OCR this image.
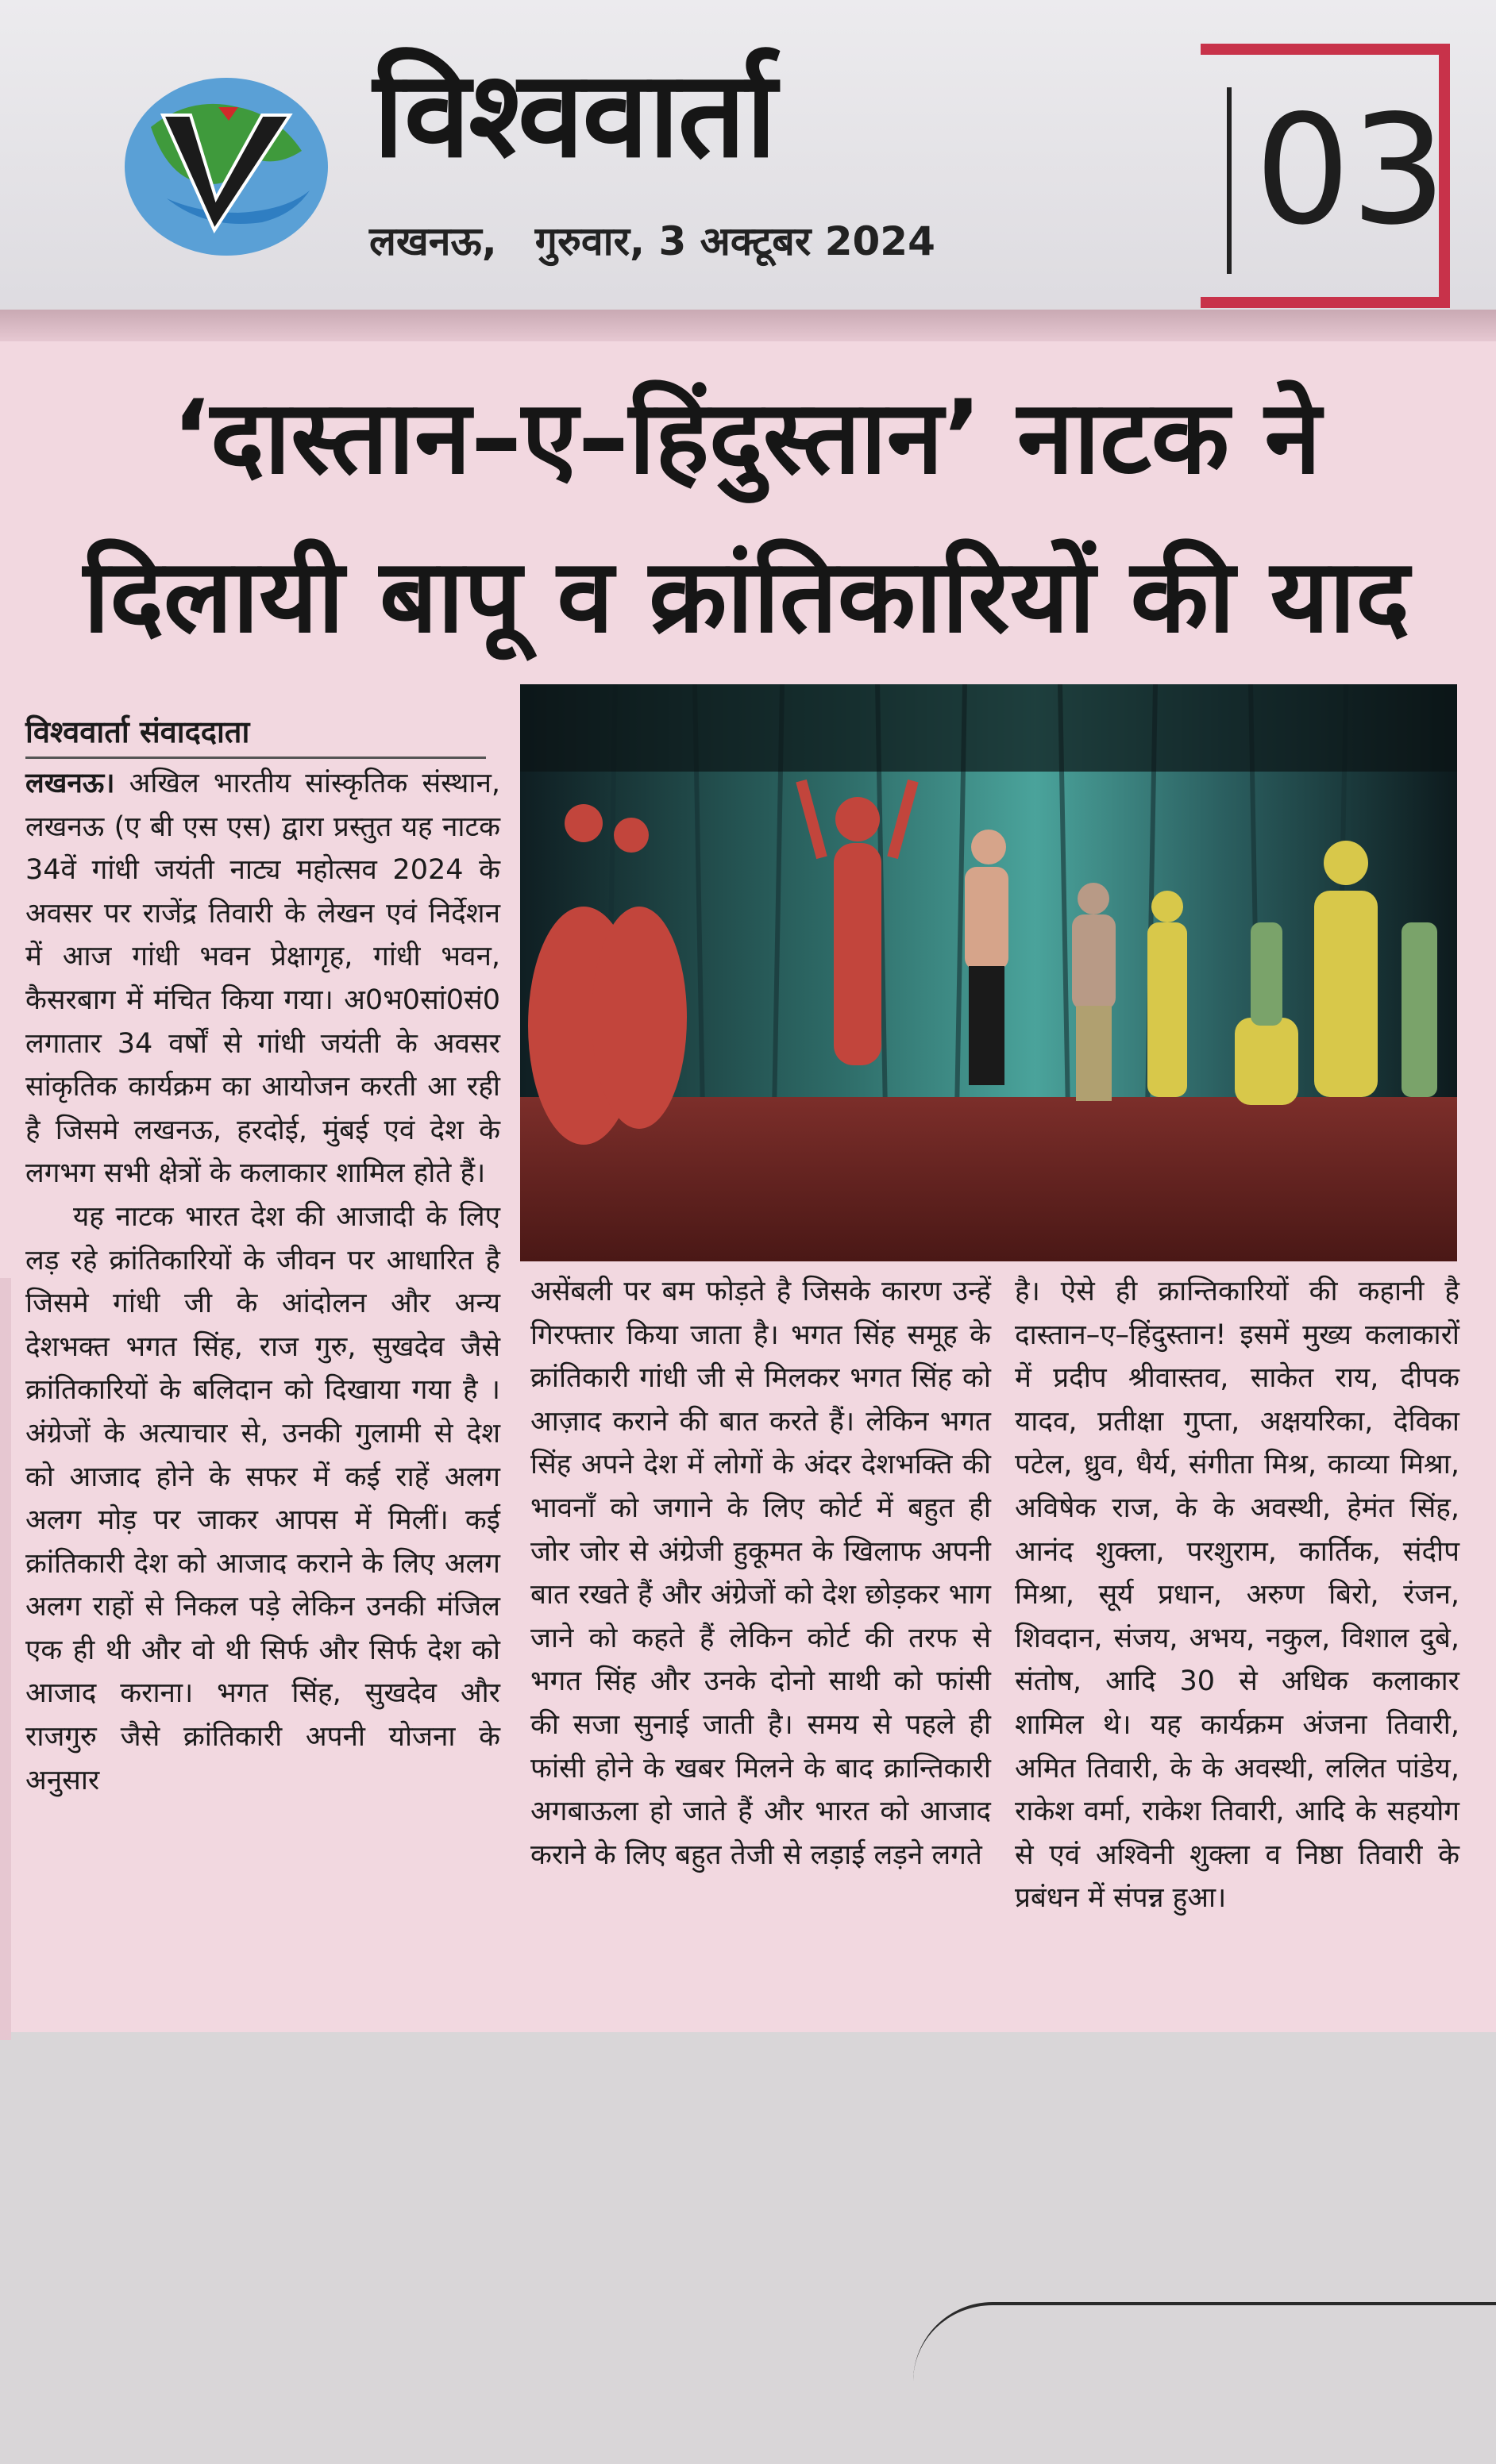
विश्ववार्ता
लखनऊ, गुरुवार, 3 अक्टूबर 2024 03
‘दास्तान–ए–हिंदुस्तान’ नाटक ने
दिलायी बापू व क्रांतिकारियों की याद
विश्ववार्ता संवाददाता

लखनऊ। अखिल भारतीय सांस्कृतिक संस्थान, लखनऊ (ए बी एस एस) द्वारा प्रस्तुत यह नाटक 34वें गांधी जयंती नाट्य महोत्सव 2024 के अवसर पर राजेंद्र तिवारी के लेखन एवं निर्देशन में आज गांधी भवन प्रेक्षागृह, गांधी भवन, कैसरबाग में मंचित किया गया। अ0भ0सां0सं0 लगातार 34 वर्षों से गांधी जयंती के अवसर सांकृतिक कार्यक्रम का आयोजन करती आ रही है जिसमे लखनऊ, हरदोई, मुंबई एवं देश के लगभग सभी क्षेत्रों के कलाकार शामिल होते हैं।

यह नाटक भारत देश की आजादी के लिए लड़ रहे क्रांतिकारियों के जीवन पर आधारित है जिसमे गांधी जी के आंदोलन और अन्य देशभक्त भगत सिंह, राज गुरु, सुखदेव जैसे क्रांतिकारियों के बलिदान को दिखाया गया है । अंग्रेजों के अत्याचार से, उनकी गुलामी से देश को आजाद होने के सफर में कई राहें अलग अलग मोड़ पर जाकर आपस में मिलीं। कई क्रांतिकारी देश को आजाद कराने के लिए अलग अलग राहों से निकल पड़े लेकिन उनकी मंजिल एक ही थी और वो थी सिर्फ और सिर्फ देश को आजाद कराना। भगत सिंह, सुखदेव और राजगुरु जैसे क्रांतिकारी अपनी योजना के अनुसार

असेंबली पर बम फोड़ते है जिसके कारण उन्हें गिरफ्तार किया जाता है। भगत सिंह समूह के क्रांतिकारी गांधी जी से मिलकर भगत सिंह को आज़ाद कराने की बात करते हैं। लेकिन भगत सिंह अपने देश में लोगों के अंदर देशभक्ति की भावनाँ को जगाने के लिए कोर्ट में बहुत ही जोर जोर से अंग्रेजी हुकूमत के खिलाफ अपनी बात रखते हैं और अंग्रेजों को देश छोड़कर भाग जाने को कहते हैं लेकिन कोर्ट की तरफ से भगत सिंह और उनके दोनो साथी को फांसी की सजा सुनाई जाती है। समय से पहले ही फांसी होने के खबर मिलने के बाद क्रान्तिकारी अगबाऊला हो जाते हैं और भारत को आजाद कराने के लिए बहुत तेजी से लड़ाई लड़ने लगते

है। ऐसे ही क्रान्तिकारियों की कहानी है दास्तान–ए–हिंदुस्तान! इसमें मुख्य कलाकारों में प्रदीप श्रीवास्तव, साकेत राय, दीपक यादव, प्रतीक्षा गुप्ता, अक्षयरिका, देविका पटेल, ध्रुव, धैर्य, संगीता मिश्र, काव्या मिश्रा, अविषेक राज, के के अवस्थी, हेमंत सिंह, आनंद शुक्ला, परशुराम, कार्तिक, संदीप मिश्रा, सूर्य प्रधान, अरुण बिरो, रंजन, शिवदान, संजय, अभय, नकुल, विशाल दुबे, संतोष, आदि 30 से अधिक कलाकार शामिल थे। यह कार्यक्रम अंजना तिवारी, अमित तिवारी, के के अवस्थी, ललित पांडेय, राकेश वर्मा, राकेश तिवारी, आदि के सहयोग से एवं अश्विनी शुक्ला व निष्ठा तिवारी के प्रबंधन में संपन्न हुआ।
